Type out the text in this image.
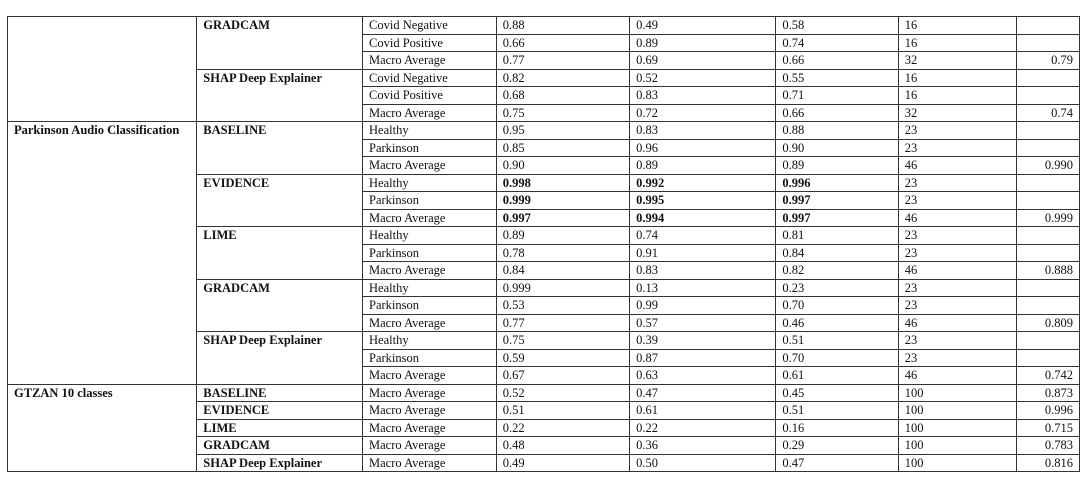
	GRADCAM	Covid Negative	0.88	0.49	0.58	16	
		Covid Positive	0.66	0.89	0.74	16	
		Macro Average	0.77	0.69	0.66	32	0.79
	SHAP Deep Explainer	Covid Negative	0.82	0.52	0.55	16	
		Covid Positive	0.68	0.83	0.71	16	
		Macro Average	0.75	0.72	0.66	32	0.74
Parkinson Audio Classification	BASELINE	Healthy	0.95	0.83	0.88	23	
		Parkinson	0.85	0.96	0.90	23	
		Macro Average	0.90	0.89	0.89	46	0.990
	EVIDENCE	Healthy	0.998	0.992	0.996	23	
		Parkinson	0.999	0.995	0.997	23	
		Macro Average	0.997	0.994	0.997	46	0.999
	LIME	Healthy	0.89	0.74	0.81	23	
		Parkinson	0.78	0.91	0.84	23	
		Macro Average	0.84	0.83	0.82	46	0.888
	GRADCAM	Healthy	0.999	0.13	0.23	23	
		Parkinson	0.53	0.99	0.70	23	
		Macro Average	0.77	0.57	0.46	46	0.809
	SHAP Deep Explainer	Healthy	0.75	0.39	0.51	23	
		Parkinson	0.59	0.87	0.70	23	
		Macro Average	0.67	0.63	0.61	46	0.742
GTZAN 10 classes	BASELINE	Macro Average	0.52	0.47	0.45	100	0.873
	EVIDENCE	Macro Average	0.51	0.61	0.51	100	0.996
	LIME	Macro Average	0.22	0.22	0.16	100	0.715
	GRADCAM	Macro Average	0.48	0.36	0.29	100	0.783
	SHAP Deep Explainer	Macro Average	0.49	0.50	0.47	100	0.816
